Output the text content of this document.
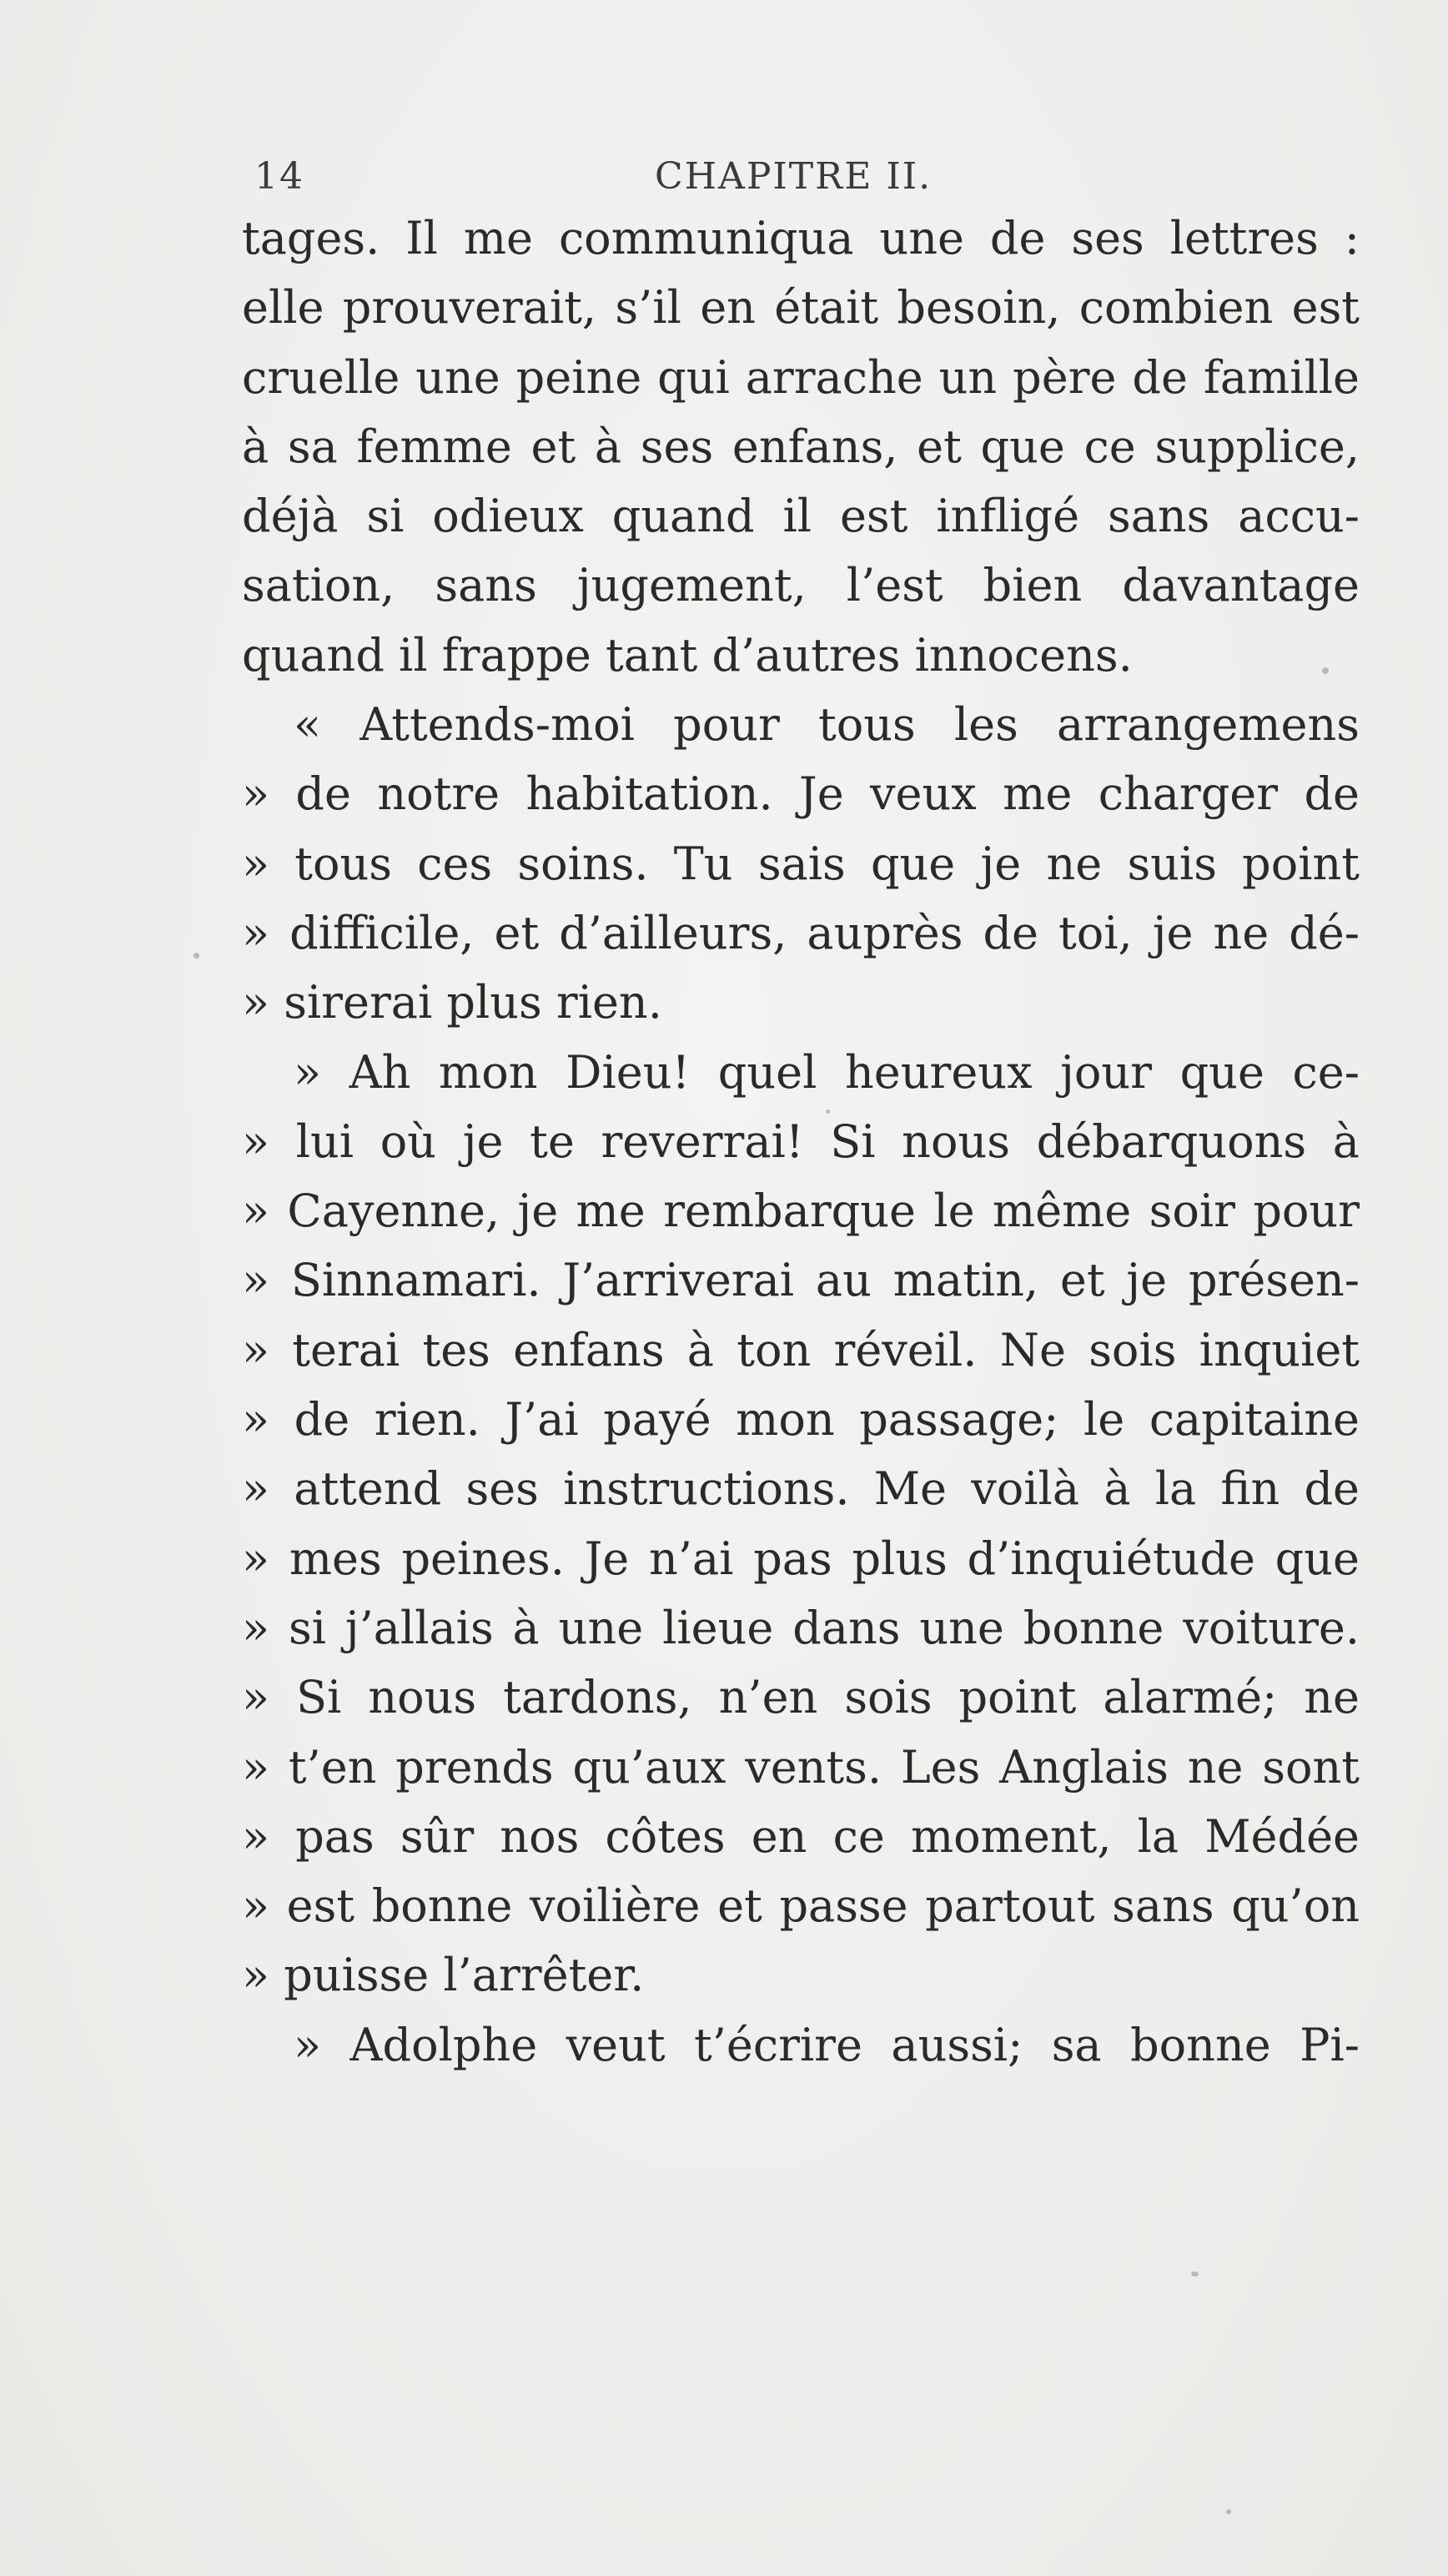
14	CHAPITRE II.
tages. Il me communiqua une de ses lettres :
elle prouverait, s’il en était besoin, combien est
cruelle une peine qui arrache un père de famille
à sa femme et à ses enfans, et que ce supplice,
déjà si odieux quand il est infligé sans accu-
sation, sans jugement, l’est bien davantage
quand il frappe tant d’autres innocens.
« Attends-moi pour tous les arrangemens
» de notre habitation. Je veux me charger de
» tous ces soins. Tu sais que je ne suis point
» difficile, et d’ailleurs, auprès de toi, je ne dé-
» sirerai plus rien.
» Ah mon Dieu! quel heureux jour que ce-
» lui où je te reverrai! Si nous débarquons à
» Cayenne, je me rembarque le même soir pour
» Sinnamari. J’arriverai au matin, et je présen-
» terai tes enfans à ton réveil. Ne sois inquiet
» de rien. J’ai payé mon passage; le capitaine
» attend ses instructions. Me voilà à la fin de
» mes peines. Je n’ai pas plus d’inquiétude que
» si j’allais à une lieue dans une bonne voiture.
» Si nous tardons, n’en sois point alarmé; ne
» t’en prends qu’aux vents. Les Anglais ne sont
» pas sûr nos côtes en ce moment, la Médée
» est bonne voilière et passe partout sans qu’on
» puisse l’arrêter.
» Adolphe veut t’écrire aussi; sa bonne Pi-
